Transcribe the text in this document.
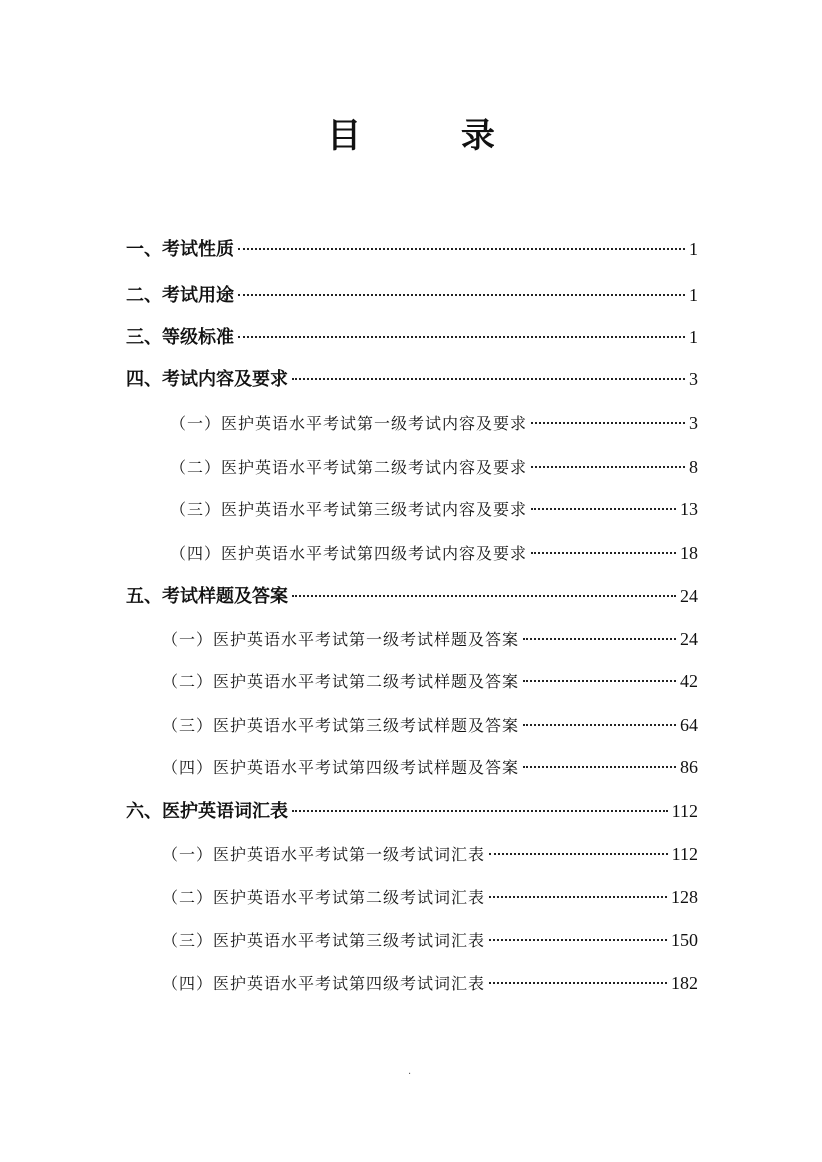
目 录
一、考试性质	1
二、考试用途	1
三、等级标准	1
四、考试内容及要求	3
（一）医护英语水平考试第一级考试内容及要求	3
（二）医护英语水平考试第二级考试内容及要求	8
（三）医护英语水平考试第三级考试内容及要求	13
（四）医护英语水平考试第四级考试内容及要求	18
五、考试样题及答案	24
（一）医护英语水平考试第一级考试样题及答案	24
（二）医护英语水平考试第二级考试样题及答案	42
（三）医护英语水平考试第三级考试样题及答案	64
（四）医护英语水平考试第四级考试样题及答案	86
六、医护英语词汇表	112
（一）医护英语水平考试第一级考试词汇表	112
（二）医护英语水平考试第二级考试词汇表	128
（三）医护英语水平考试第三级考试词汇表	150
（四）医护英语水平考试第四级考试词汇表	182
.
